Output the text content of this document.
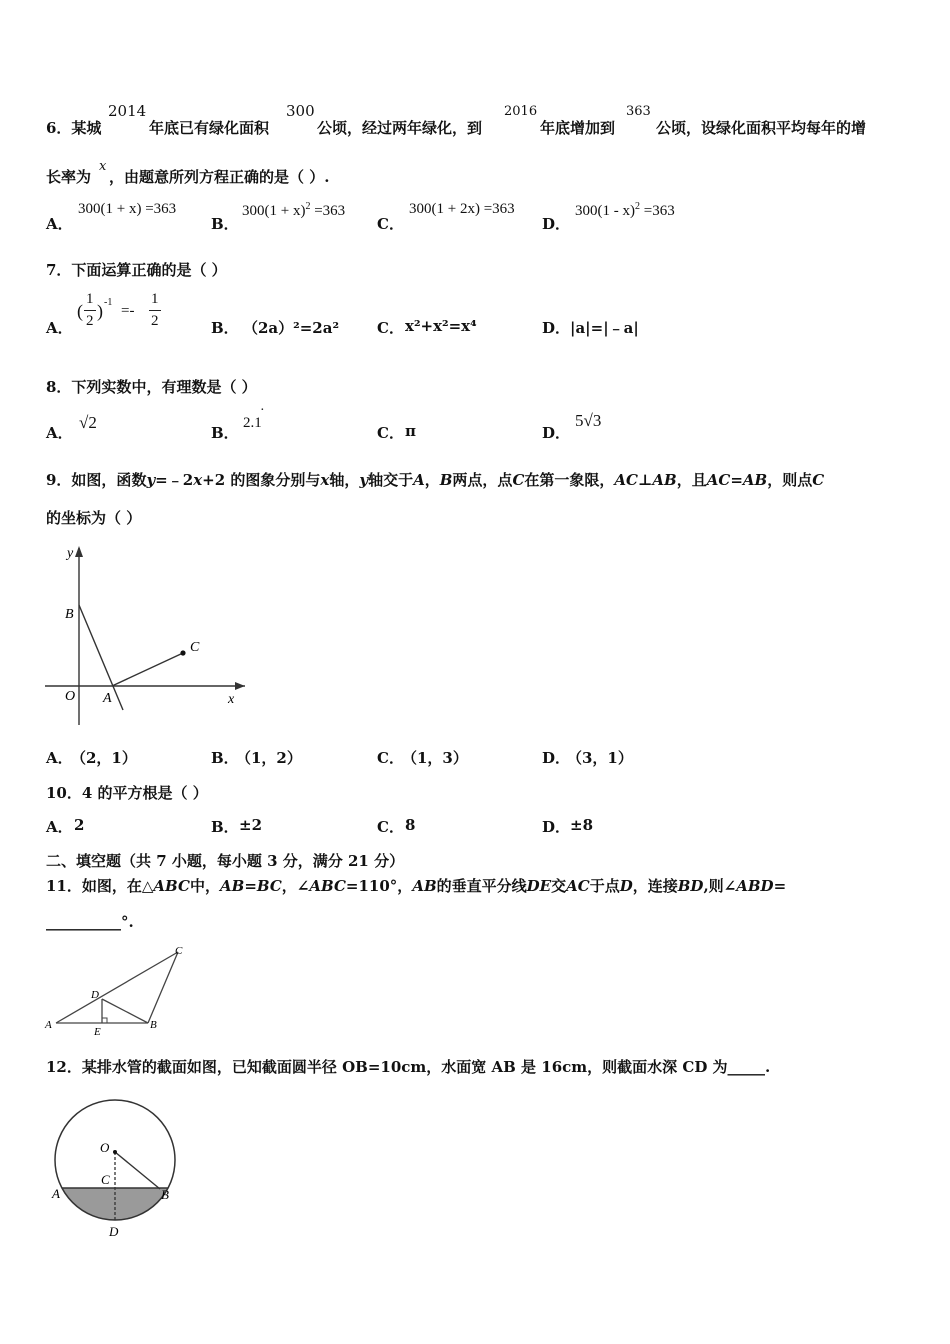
6．某城
2014
年底已有绿化面积
300
公顷，经过两年绿化，到
2016
年底增加到
363
公顷，设绿化面积平均每年的增
长率为
x
，由题意所列方程正确的是（ ）.
A．
300(1 + x) =363
B．
$300(1 + x)^2 =363$
C．
300(1 + 2x) =363
D．
300(1 - x)$^2$ =363
7．下面运算正确的是（ ）
A．
(
1
2 ) -1
=-
1
2	B． （2a）²=2a²	C． x²+x²=x⁴	D． |a|=|﹣a|
8．下列实数中，有理数是（ ）
A．
√2
B．
2.1
·
C． π	D．
5√3
9．如图，函数y=﹣2x+2 的图象分别与x轴，y轴交于A，B两点，点C在第一象限，AC⊥AB，且AC=AB，则点C
的坐标为（ ）
y
B
C
O A	x
A．
（2，1）	B．
（1，2）	C．
（1，3）	D．
（3，1）
10．4 的平方根是（ ）
A． 2	B． ±2	C． 8	D． ±8
二、填空题（共 7 小题，每小题 3 分，满分 21 分）
11．如图，在△ABC中，AB=BC，∠ABC=110°，AB的垂直平分线DE交AC于点D，连接BD,则∠ABD=
__________°.
A
E
B
D
C
12．某排水管的截面如图，已知截面圆半径 OB=10cm，水面宽 AB 是 16cm，则截面水深 CD 为_____.
O
C
A	B
D
